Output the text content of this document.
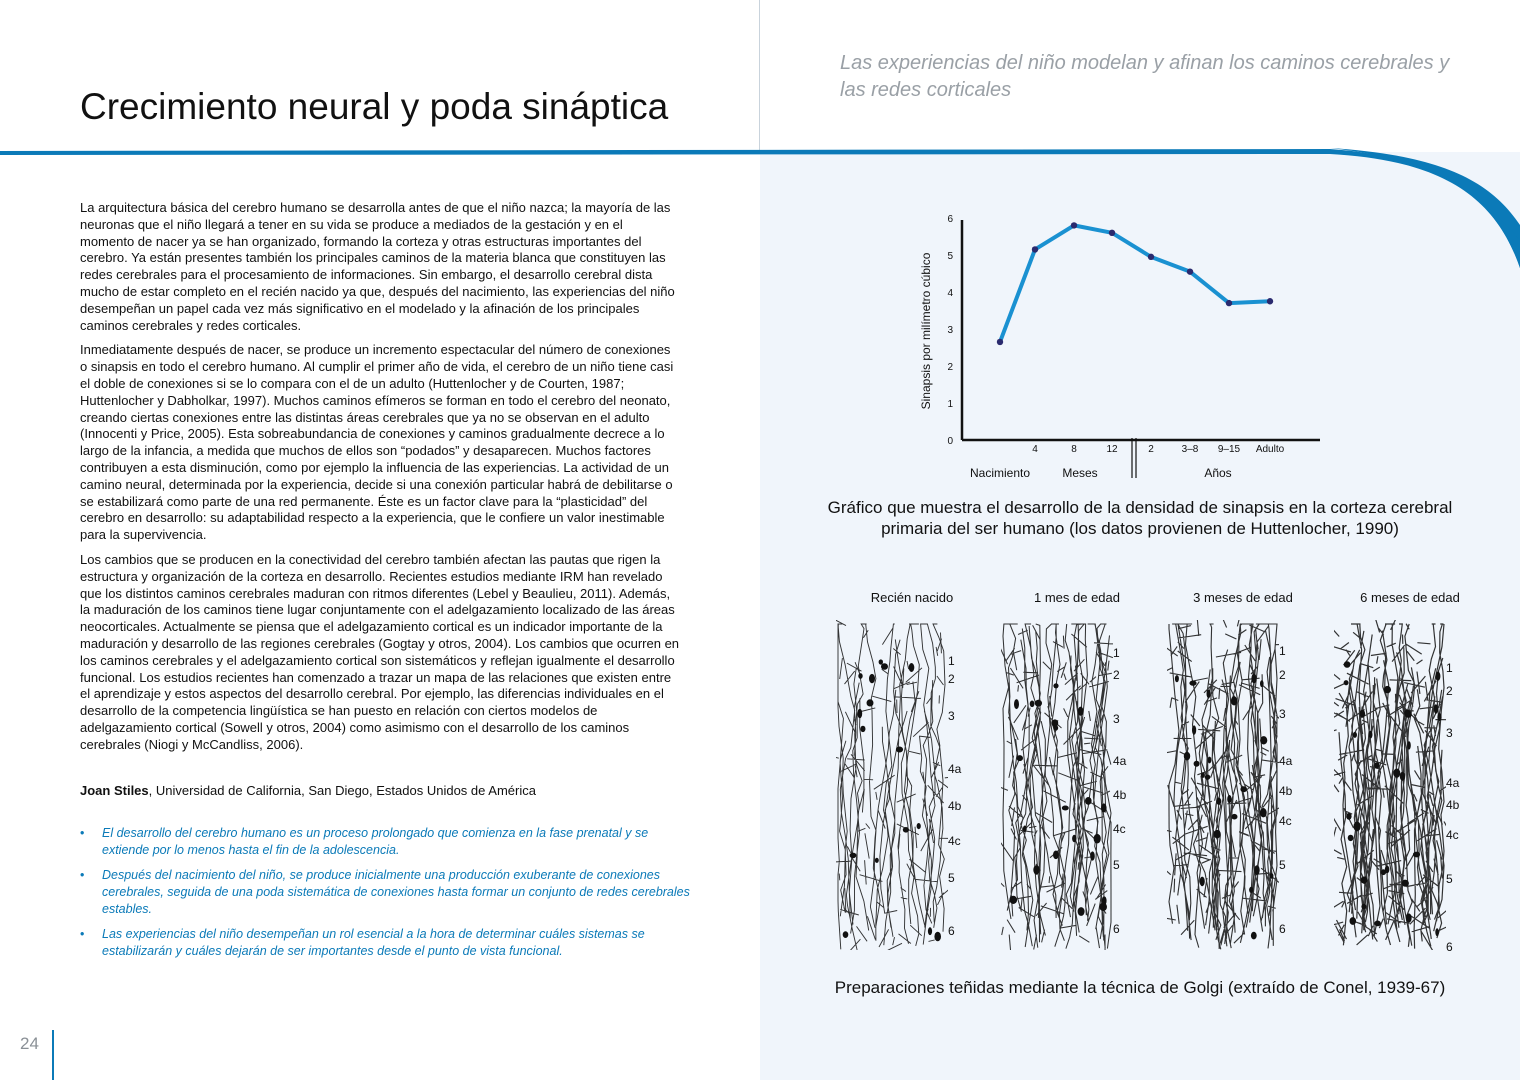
Crecimiento neural y poda sináptica

Las experiencias del niño modelan y afinan los caminos cerebrales y las redes corticales

La arquitectura básica del cerebro humano se desarrolla antes de que el niño nazca; la mayoría de las neuronas que el niño llegará a tener en su vida se produce a mediados de la gestación y en el momento de nacer ya se han organizado, formando la corteza y otras estructuras importantes del cerebro. Ya están presentes también los principales caminos de la materia blanca que constituyen las redes cerebrales para el procesamiento de informaciones. Sin embargo, el desarrollo cerebral dista mucho de estar completo en el recién nacido ya que, después del nacimiento, las experiencias del niño desempeñan un papel cada vez más significativo en el modelado y la afinación de los principales caminos cerebrales y redes corticales.

Inmediatamente después de nacer, se produce un incremento espectacular del número de conexiones o sinapsis en todo el cerebro humano. Al cumplir el primer año de vida, el cerebro de un niño tiene casi el doble de conexiones si se lo compara con el de un adulto (Huttenlocher y de Courten, 1987; Huttenlocher y Dabholkar, 1997). Muchos caminos efímeros se forman en todo el cerebro del neonato, creando ciertas conexiones entre las distintas áreas cerebrales que ya no se observan en el adulto (Innocenti y Price, 2005). Esta sobreabundancia de conexiones y caminos gradualmente decrece a lo largo de la infancia, a medida que muchos de ellos son “podados” y desaparecen. Muchos factores contribuyen a esta disminución, como por ejemplo la influencia de las experiencias. La actividad de un camino neural, determinada por la experiencia, decide si una conexión particular habrá de debilitarse o se estabilizará como parte de una red permanente. Éste es un factor clave para la “plasticidad” del cerebro en desarrollo: su adaptabilidad respecto a la experiencia, que le confiere un valor inestimable para la supervivencia.

Los cambios que se producen en la conectividad del cerebro también afectan las pautas que rigen la estructura y organización de la corteza en desarrollo. Recientes estudios mediante IRM han revelado que los distintos caminos cerebrales maduran con ritmos diferentes (Lebel y Beaulieu, 2011). Además, la maduración de los caminos tiene lugar conjuntamente con el adelgazamiento localizado de las áreas neocorticales. Actualmente se piensa que el adelgazamiento cortical es un indicador importante de la maduración y desarrollo de las regiones cerebrales (Gogtay y otros, 2004). Los cambios que ocurren en los caminos cerebrales y el adelgazamiento cortical son sistemáticos y reflejan igualmente el desarrollo funcional. Los estudios recientes han comenzado a trazar un mapa de las relaciones que existen entre el aprendizaje y estos aspectos del desarrollo cerebral. Por ejemplo, las diferencias individuales en el desarrollo de la competencia lingüística se han puesto en relación con ciertos modelos de adelgazamiento cortical (Sowell y otros, 2004) como asimismo con el desarrollo de los caminos cerebrales (Niogi y McCandliss, 2006).

Joan Stiles, Universidad de California, San Diego, Estados Unidos de América
• El desarrollo del cerebro humano es un proceso prolongado que comienza en la fase prenatal y se extiende por lo menos hasta el fin de la adolescencia.
• Después del nacimiento del niño, se produce inicialmente una producción exuberante de conexiones cerebrales, seguida de una poda sistemática de conexiones hasta formar un conjunto de redes cerebrales estables.
• Las experiencias del niño desempeñan un rol esencial a la hora de determinar cuáles sistemas se estabilizarán y cuáles dejarán de ser importantes desde el punto de vista funcional.
24
0
1
2
3
4
5
6
Sinapsis por milímetro cúbico
4	8	12	2	3–8 9–15 Adulto
Nacimiento	Meses	Años
Gráfico que muestra el desarrollo de la densidad de sinapsis en la corteza cerebral primaria del ser humano (los datos provienen de Huttenlocher, 1990)
Recién nacido
1
2
3
4a
4b
4c
5
6
1 mes de edad
1
2
3
4a
4b
4c
5
6
3 meses de edad
1
2
3
4a
4b
4c
5
6
6 meses de edad
1
2
3
4a
4b
4c
5
6
Preparaciones teñidas mediante la técnica de Golgi (extraído de Conel, 1939-67)
